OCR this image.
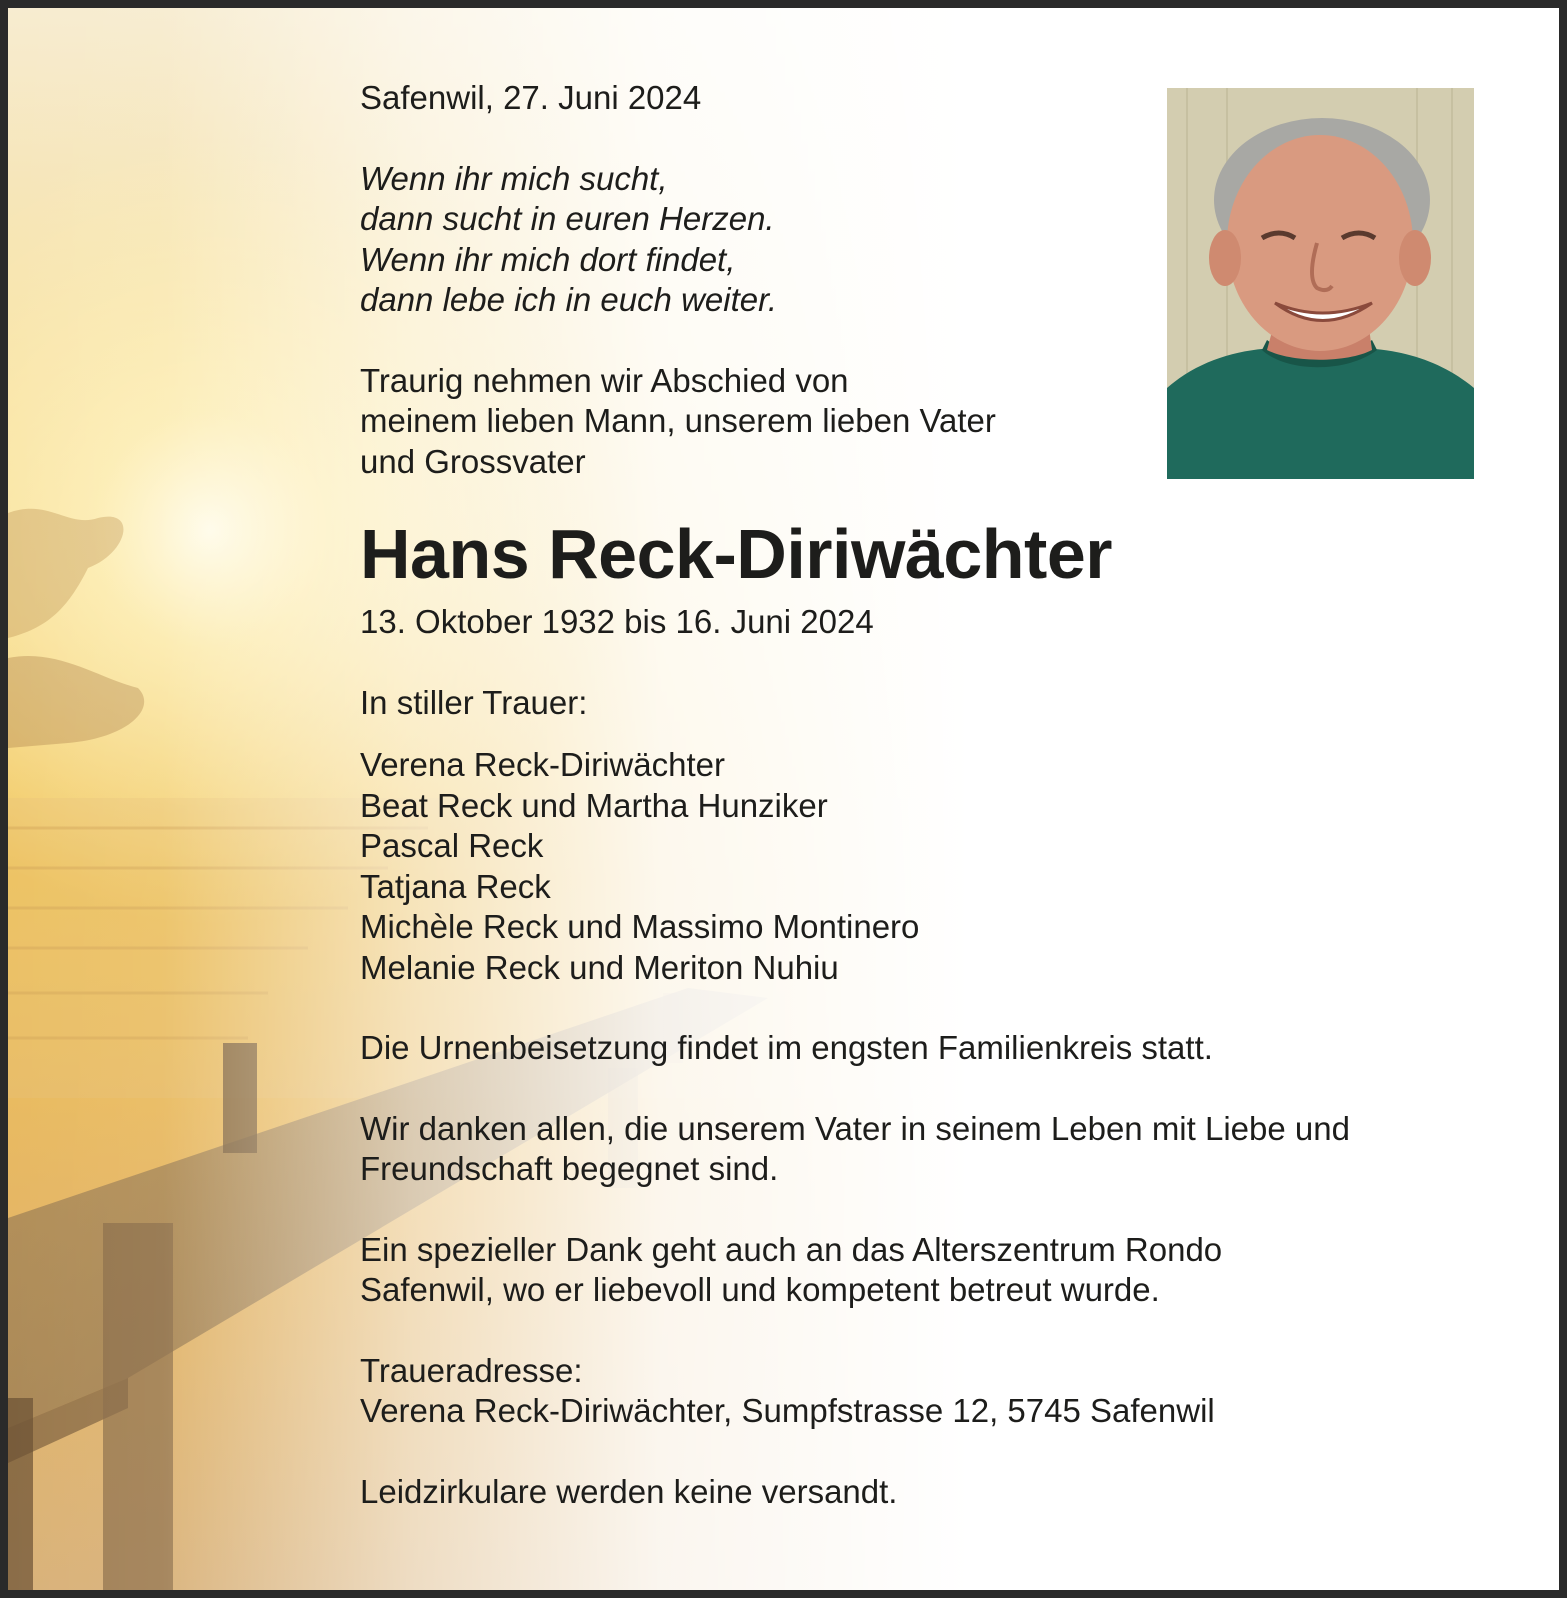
Safenwil, 27. Juni 2024
Wenn ihr mich sucht,
dann sucht in euren Herzen.
Wenn ihr mich dort findet,
dann lebe ich in euch weiter.
Traurig nehmen wir Abschied von
meinem lieben Mann, unserem lieben Vater
und Grossvater
Hans Reck-Diriwächter
13. Oktober 1932 bis 16. Juni 2024
In stiller Trauer:
Verena Reck-Diriwächter
Beat Reck und Martha Hunziker
Pascal Reck
Tatjana Reck
Michèle Reck und Massimo Montinero
Melanie Reck und Meriton Nuhiu
Die Urnenbeisetzung findet im engsten Familienkreis statt.
Wir danken allen, die unserem Vater in seinem Leben mit Liebe und
Freundschaft begegnet sind.
Ein spezieller Dank geht auch an das Alterszentrum Rondo
Safenwil, wo er liebevoll und kompetent betreut wurde.
Traueradresse:
Verena Reck-Diriwächter, Sumpfstrasse 12, 5745 Safenwil
Leidzirkulare werden keine versandt.
